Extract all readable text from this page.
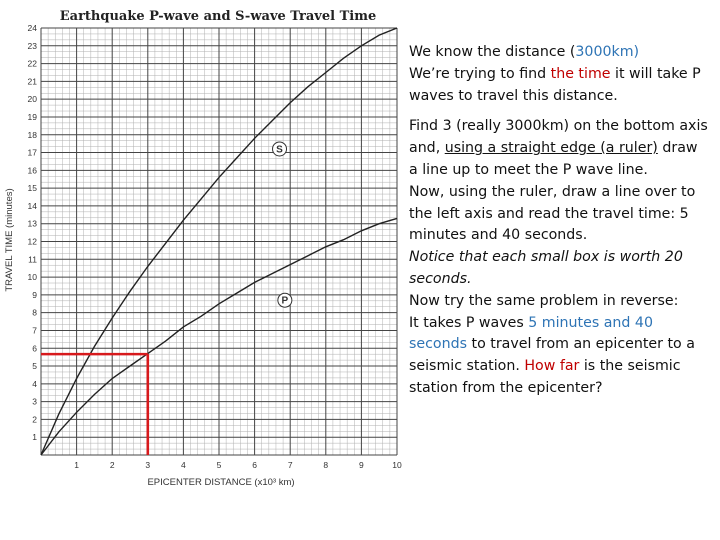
Earthquake P-wave and S-wave Travel Time
1	2	3	4	5	6	7	8	9	10
1
2
3
4
5
6
7
8
9
10
11
12
13
14
15
16
17
18
19
20
21
22
23
24
S
P
EPICENTER DISTANCE (x10³ km)
TRAVEL TIME (minutes)

We know the distance (3000km)

We’re trying to find the time it will take P waves to travel this distance.

Find 3 (really 3000km) on the bottom axis and, using a straight edge (a ruler) draw a line up to meet the P wave line.

Now, using the ruler, draw a line over to the left axis and read the travel time: 5 minutes and 40 seconds.

Notice that each small box is worth 20 seconds.

Now try the same problem in reverse:

It takes P waves 5 minutes and 40 seconds to travel from an epicenter to a seismic station. How far is the seismic station from the epicenter?
